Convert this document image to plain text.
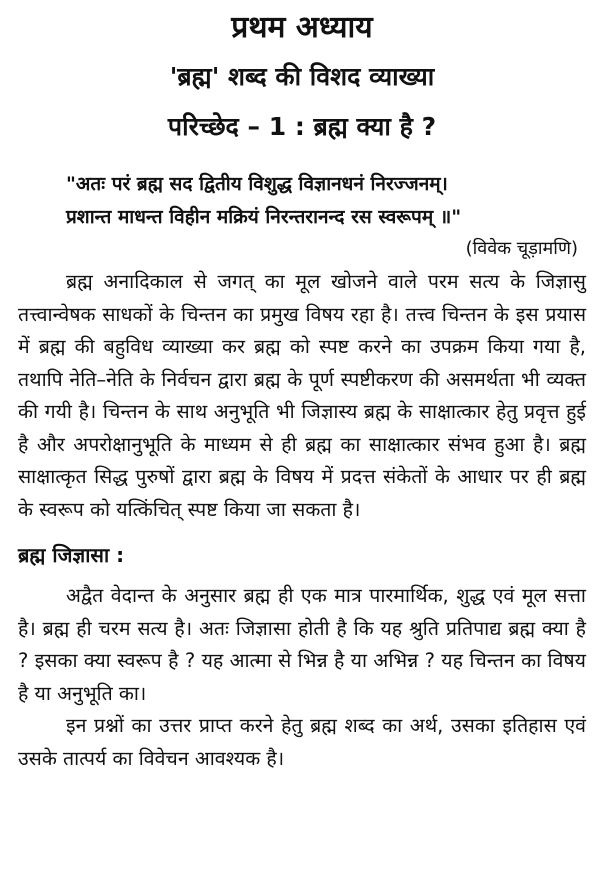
प्रथम अध्याय
'ब्रह्म' शब्द की विशद व्याख्या
परिच्छेद – 1 : ब्रह्म क्या है ?
"अतः परं ब्रह्म सद द्वितीय विशुद्ध विज्ञानधनं निरज्जनम्।
प्रशान्त माधन्त विहीन मक्रियं निरन्तरानन्द रस स्वरूपम् ॥"
(विवेक चूड़ामणि)

ब्रह्म अनादिकाल से जगत् का मूल खोजने वाले परम सत्य के जिज्ञासु तत्त्वान्वेषक साधकों के चिन्तन का प्रमुख विषय रहा है। तत्त्व चिन्तन के इस प्रयास में ब्रह्म की बहुविध व्याख्या कर ब्रह्म को स्पष्ट करने का उपक्रम किया गया है, तथापि नेति–नेति के निर्वचन द्वारा ब्रह्म के पूर्ण स्पष्टीकरण की असमर्थता भी व्यक्त की गयी है। चिन्तन के साथ अनुभूति भी जिज्ञास्य ब्रह्म के साक्षात्कार हेतु प्रवृत्त हुई है और अपरोक्षानुभूति के माध्यम से ही ब्रह्म का साक्षात्कार संभव हुआ है। ब्रह्म साक्षात्कृत सिद्ध पुरुषों द्वारा ब्रह्म के विषय में प्रदत्त संकेतों के आधार पर ही ब्रह्म के स्वरूप को यत्किंचित् स्पष्ट किया जा सकता है।

ब्रह्म जिज्ञासा :

अद्वैत वेदान्त के अनुसार ब्रह्म ही एक मात्र पारमार्थिक, शुद्ध एवं मूल सत्ता है। ब्रह्म ही चरम सत्य है। अतः जिज्ञासा होती है कि यह श्रुति प्रतिपाद्य ब्रह्म क्या है ? इसका क्या स्वरूप है ? यह आत्मा से भिन्न है या अभिन्न ? यह चिन्तन का विषय है या अनुभूति का।

इन प्रश्नों का उत्तर प्राप्त करने हेतु ब्रह्म शब्द का अर्थ, उसका इतिहास एवं उसके तात्पर्य का विवेचन आवश्यक है।
